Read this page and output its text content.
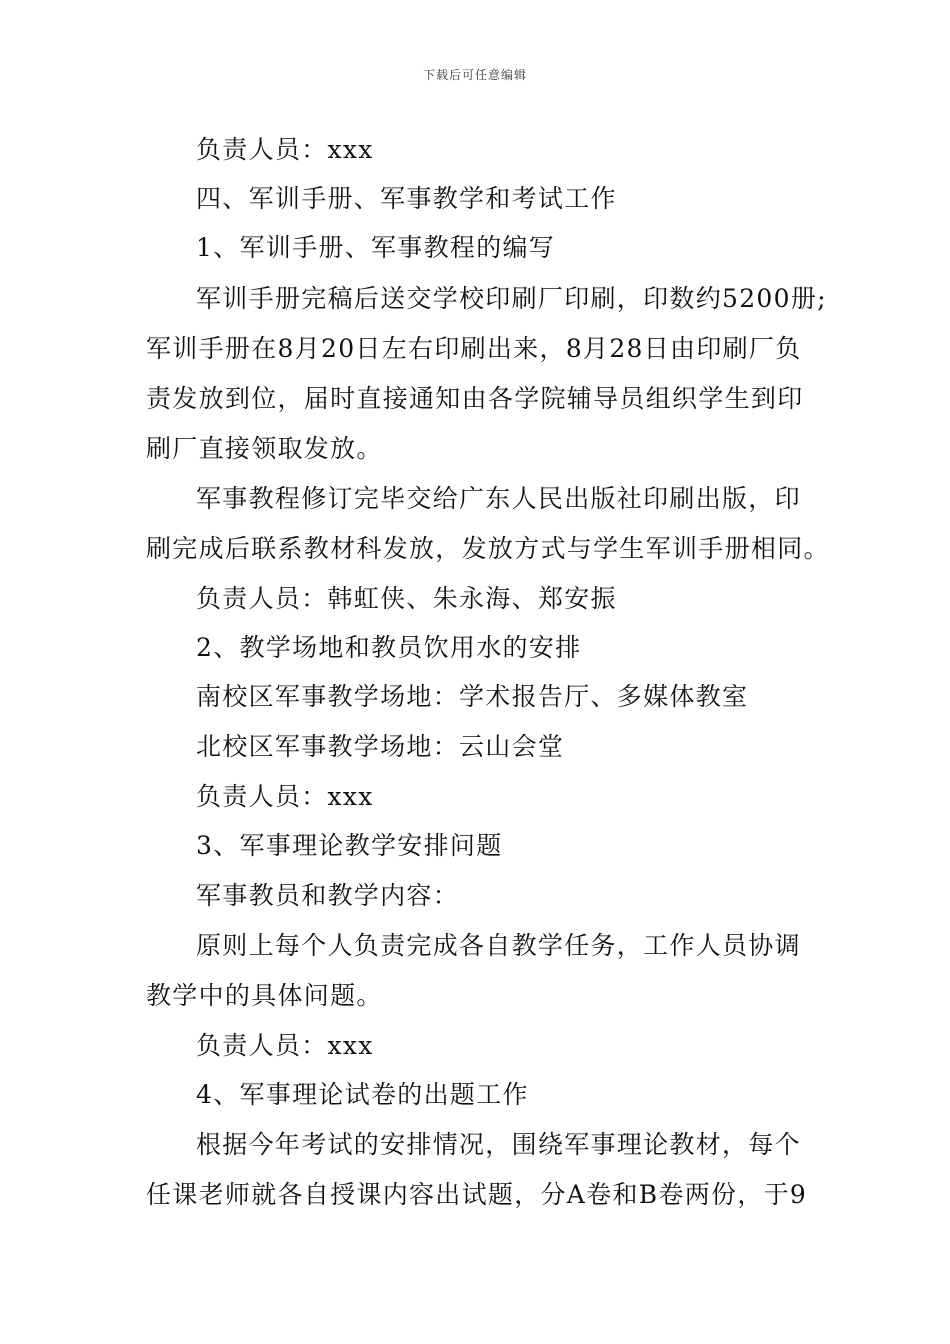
下载后可任意编辑
负责人员：xxx
四、军训手册、军事教学和考试工作
1、军训手册、军事教程的编写
军训手册完稿后送交学校印刷厂印刷，印数约5200册;
军训手册在8月20日左右印刷出来，8月28日由印刷厂负
责发放到位，届时直接通知由各学院辅导员组织学生到印
刷厂直接领取发放。
军事教程修订完毕交给广东人民出版社印刷出版，印
刷完成后联系教材科发放，发放方式与学生军训手册相同。
负责人员：韩虹侠、朱永海、郑安振
2、教学场地和教员饮用水的安排
南校区军事教学场地：学术报告厅、多媒体教室
北校区军事教学场地：云山会堂
负责人员：xxx
3、军事理论教学安排问题
军事教员和教学内容：
原则上每个人负责完成各自教学任务，工作人员协调
教学中的具体问题。
负责人员：xxx
4、军事理论试卷的出题工作
根据今年考试的安排情况，围绕军事理论教材，每个
任课老师就各自授课内容出试题，分A卷和B卷两份，于9
